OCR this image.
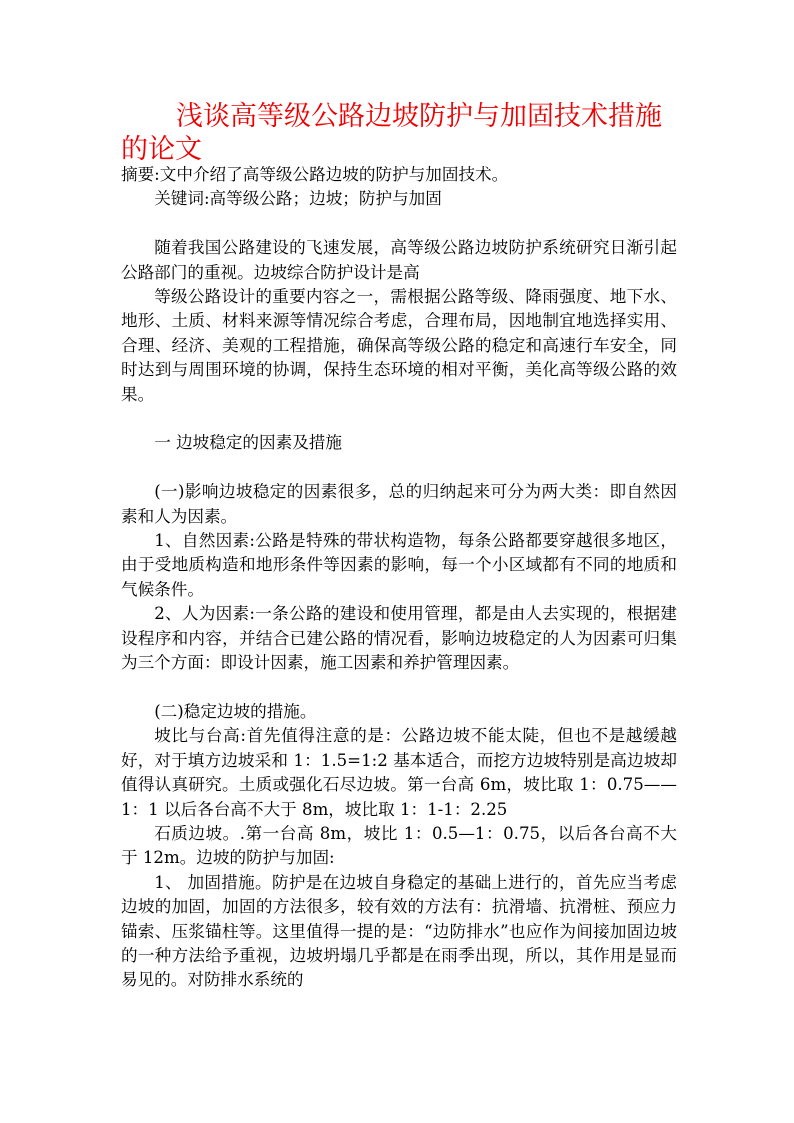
浅谈高等级公路边坡防护与加固技术措施的论文

摘要:文中介绍了高等级公路边坡的防护与加固技术。

关键词:高等级公路；边坡；防护与加固

随着我国公路建设的飞速发展，高等级公路边坡防护系统研究日渐引起公路部门的重视。边坡综合防护设计是高

等级公路设计的重要内容之一，需根据公路等级、降雨强度、地下水、地形、土质、材料来源等情况综合考虑，合理布局，因地制宜地选择实用、合理、经济、美观的工程措施，确保高等级公路的稳定和高速行车安全，同时达到与周围环境的协调，保持生态环境的相对平衡，美化高等级公路的效果。

一 边坡稳定的因素及措施

(一)影响边坡稳定的因素很多，总的归纳起来可分为两大类：即自然因素和人为因素。

1、自然因素:公路是特殊的带状构造物，每条公路都要穿越很多地区，由于受地质构造和地形条件等因素的影响，每一个小区域都有不同的地质和气候条件。

2、人为因素:一条公路的建设和使用管理，都是由人去实现的，根据建设程序和内容，并结合已建公路的情况看，影响边坡稳定的人为因素可归集为三个方面：即设计因素，施工因素和养护管理因素。

(二)稳定边坡的措施。

坡比与台高:首先值得注意的是：公路边坡不能太陡，但也不是越缓越好，对于填方边坡采和 1：1.5=1:2 基本适合，而挖方边坡特别是高边坡却值得认真研究。土质或强化石尽边坡。第一台高 6m，坡比取 1：0.75——1：1 以后各台高不大于 8m，坡比取 1：1-1：2.25

石质边坡。.第一台高 8m，坡比 1：0.5—1：0.75，以后各台高不大于 12m。边坡的防护与加固:

1、 加固措施。防护是在边坡自身稳定的基础上进行的，首先应当考虑边坡的加固，加固的方法很多，较有效的方法有：抗滑墙、抗滑桩、预应力锚索、压浆锚柱等。这里值得一提的是：“边防排水”也应作为间接加固边坡的一种方法给予重视，边坡坍塌几乎都是在雨季出现，所以，其作用是显而易见的。对防排水系统的
